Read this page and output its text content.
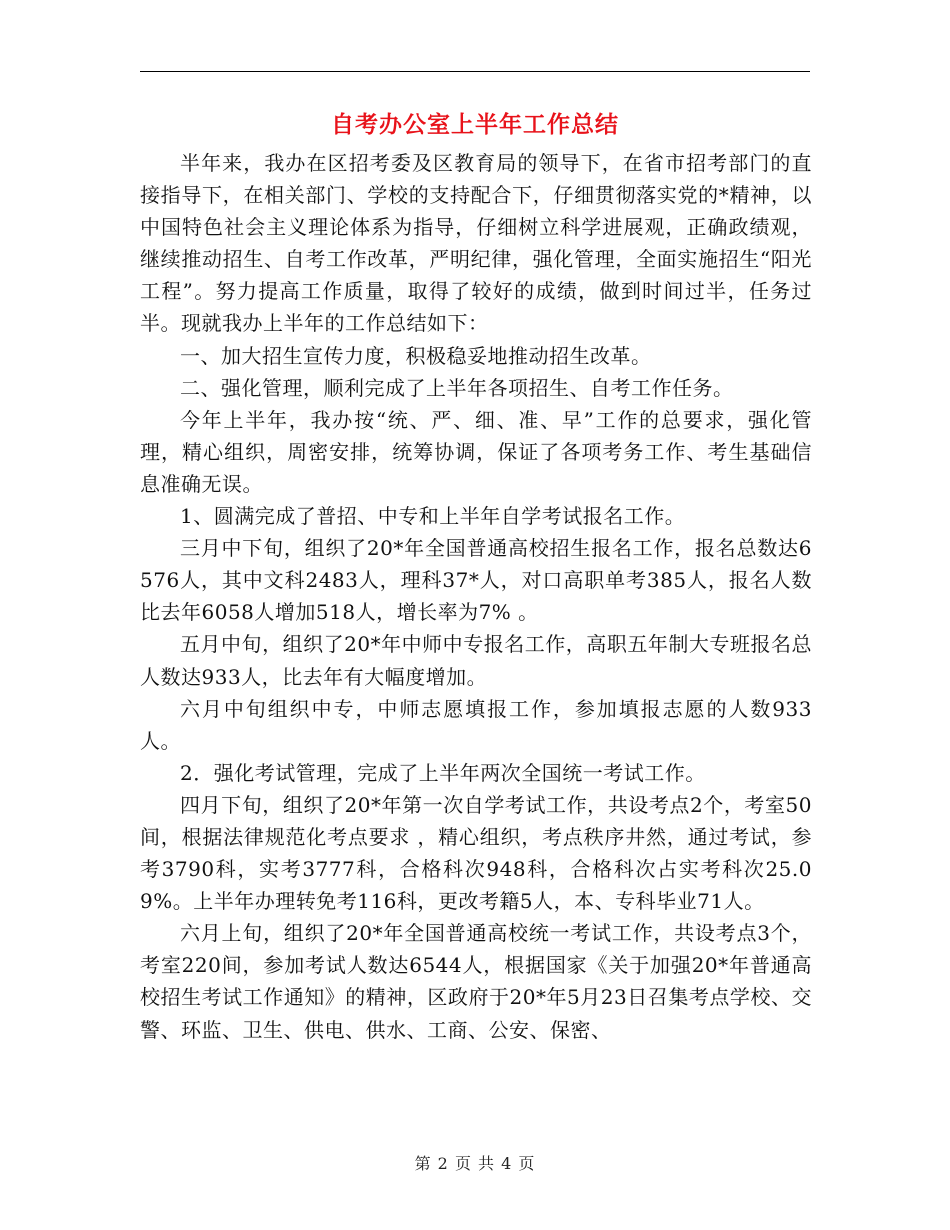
自考办公室上半年工作总结

半年来，我办在区招考委及区教育局的领导下，在省市招考部门的直接指导下，在相关部门、学校的支持配合下，仔细贯彻落实党的*精神，以中国特色社会主义理论体系为指导，仔细树立科学进展观，正确政绩观，继续推动招生、自考工作改革，严明纪律，强化管理，全面实施招生“阳光工程”。努力提高工作质量，取得了较好的成绩，做到时间过半，任务过半。现就我办上半年的工作总结如下：

一、加大招生宣传力度，积极稳妥地推动招生改革。

二、强化管理，顺利完成了上半年各项招生、自考工作任务。

今年上半年，我办按“统、严、细、准、早”工作的总要求，强化管理，精心组织，周密安排，统筹协调，保证了各项考务工作、考生基础信息准确无误。

1、圆满完成了普招、中专和上半年自学考试报名工作。

三月中下旬，组织了20*年全国普通高校招生报名工作，报名总数达6576人，其中文科2483人，理科37*人，对口高职单考385人，报名人数比去年6058人增加518人，增长率为7% 。

五月中旬，组织了20*年中师中专报名工作，高职五年制大专班报名总人数达933人，比去年有大幅度增加。

六月中旬组织中专，中师志愿填报工作，参加填报志愿的人数933人。

2．强化考试管理，完成了上半年两次全国统一考试工作。

四月下旬，组织了20*年第一次自学考试工作，共设考点2个，考室50间，根据法律规范化考点要求 ，精心组织，考点秩序井然，通过考试，参考3790科，实考3777科，合格科次948科，合格科次占实考科次25.09%。上半年办理转免考116科，更改考籍5人，本、专科毕业71人。

六月上旬，组织了20*年全国普通高校统一考试工作，共设考点3个，考室220间，参加考试人数达6544人，根据国家《关于加强20*年普通高校招生考试工作通知》的精神，区政府于20*年5月23日召集考点学校、交警、环监、卫生、供电、供水、工商、公安、保密、

第 2 页 共 4 页
